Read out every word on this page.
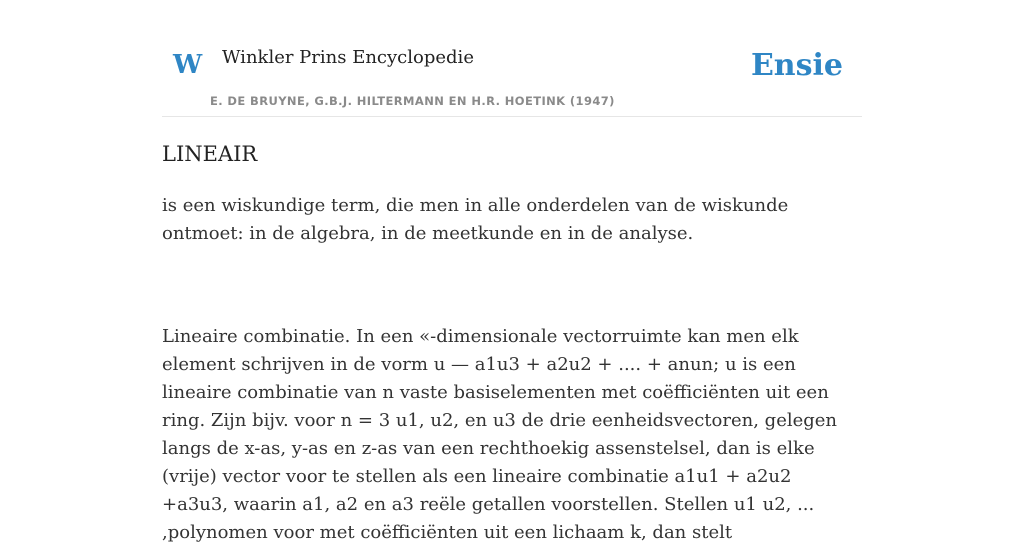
W Winkler Prins Encyclopedie
E. DE BRUYNE, G.B.J. HILTERMANN EN H.R. HOETINK (1947)
Ensie
LINEAIR

is een wiskundige term, die men in alle onderdelen van de wiskunde ontmoet: in de algebra, in de meetkunde en in de analyse.

Lineaire combinatie. In een «-dimensionale vectorruimte kan men elk element schrijven in de vorm u — a1u3 + a2u2 + .... + anun; u is een lineaire combinatie van n vaste basiselementen met coëfficiënten uit een ring. Zijn bijv. voor n = 3 u1, u2, en u3 de drie eenheidsvectoren, gelegen langs de x-as, y-as en z-as van een rechthoekig assenstelsel, dan is elke (vrije) vector voor te stellen als een lineaire combinatie a1u1 + a2u2 +a3u3, waarin a1, a2 en a3 reële getallen voorstellen. Stellen u1 u2, ... ,polynomen voor met coëfficiënten uit een lichaam k, dan stelt
